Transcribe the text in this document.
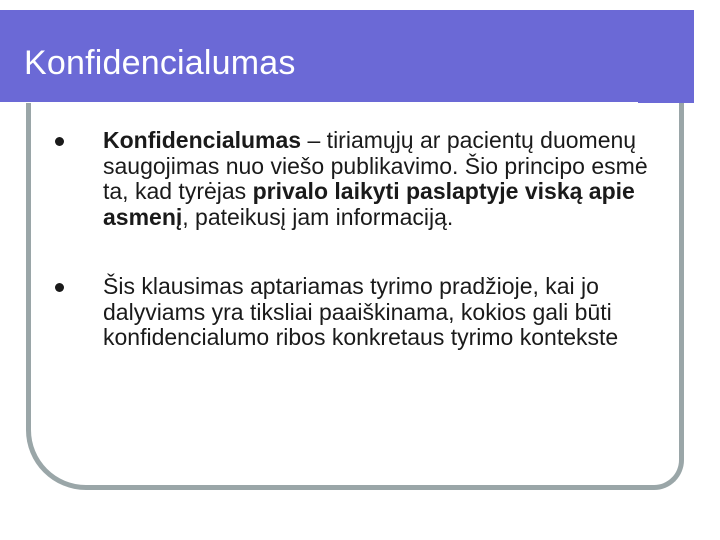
Konfidencialumas
Konfidencialumas – tiriamųjų ar pacientų duomenų saugojimas nuo viešo publikavimo. Šio principo esmė ta, kad tyrėjas privalo laikyti paslaptyje viską apie asmenį, pateikusį jam informaciją.
Šis klausimas aptariamas tyrimo pradžioje, kai jo dalyviams yra tiksliai paaiškinama, kokios gali būti konfidencialumo ribos konkretaus tyrimo kontekste
